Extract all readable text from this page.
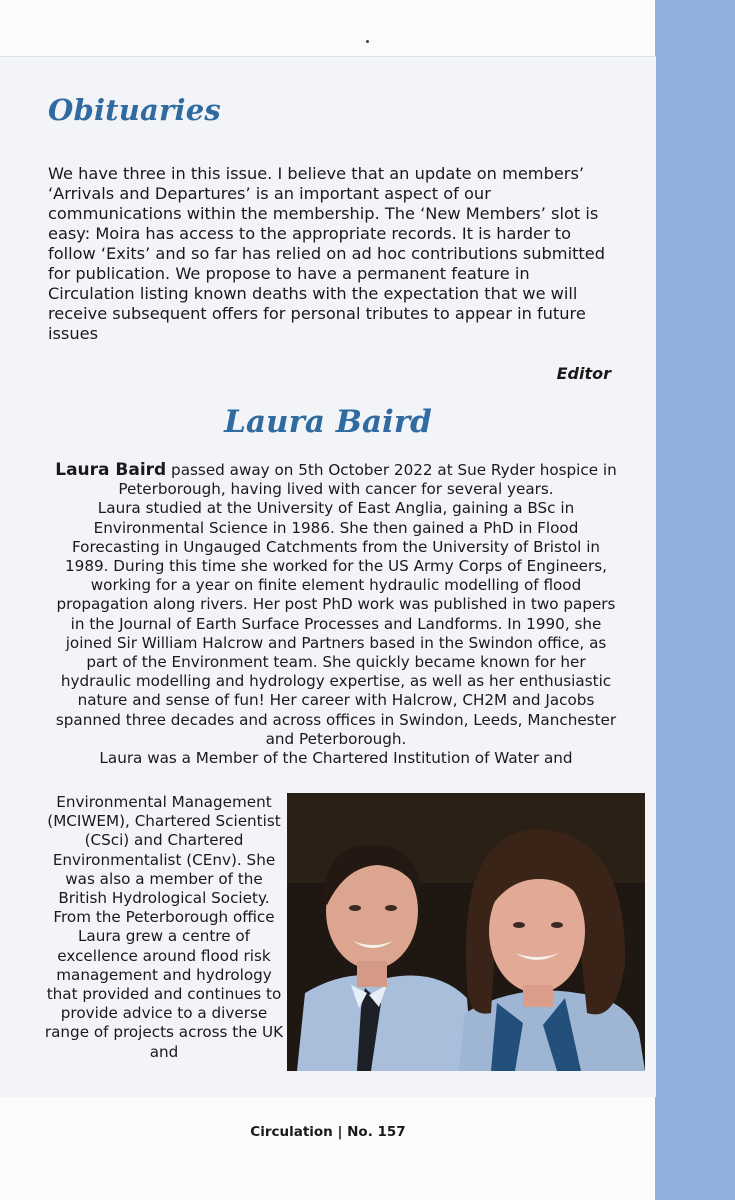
Obituaries

We have three in this issue. I believe that an update on members’ ‘Arrivals and Departures’ is an important aspect of our communications within the membership. The ‘New Members’ slot is easy: Moira has access to the appropriate records. It is harder to follow ‘Exits’ and so far has relied on ad hoc contributions submitted for publication. We propose to have a permanent feature in Circulation listing known deaths with the expectation that we will receive subsequent offers for personal tributes to appear in future issues

Editor

Laura Baird

Laura Baird passed away on 5th October 2022 at Sue Ryder hospice in Peterborough, having lived with cancer for several years.

Laura studied at the University of East Anglia, gaining a BSc in Environmental Science in 1986. She then gained a PhD in Flood Forecasting in Ungauged Catchments from the University of Bristol in 1989. During this time she worked for the US Army Corps of Engineers, working for a year on finite element hydraulic modelling of flood propagation along rivers. Her post PhD work was published in two papers in the Journal of Earth Surface Processes and Landforms. In 1990, she joined Sir William Halcrow and Partners based in the Swindon office, as part of the Environment team. She quickly became known for her hydraulic modelling and hydrology expertise, as well as her enthusiastic nature and sense of fun! Her career with Halcrow, CH2M and Jacobs spanned three decades and across offices in Swindon, Leeds, Manchester and Peterborough.

Laura was a Member of the Chartered Institution of Water and

Environmental Management (MCIWEM), Chartered Scientist (CSci) and Chartered Environmentalist (CEnv). She was also a member of the British Hydrological Society.

From the Peterborough office Laura grew a centre of excellence around flood risk management and hydrology that provided and continues to provide advice to a diverse range of projects across the UK and

Circulation | No. 157
